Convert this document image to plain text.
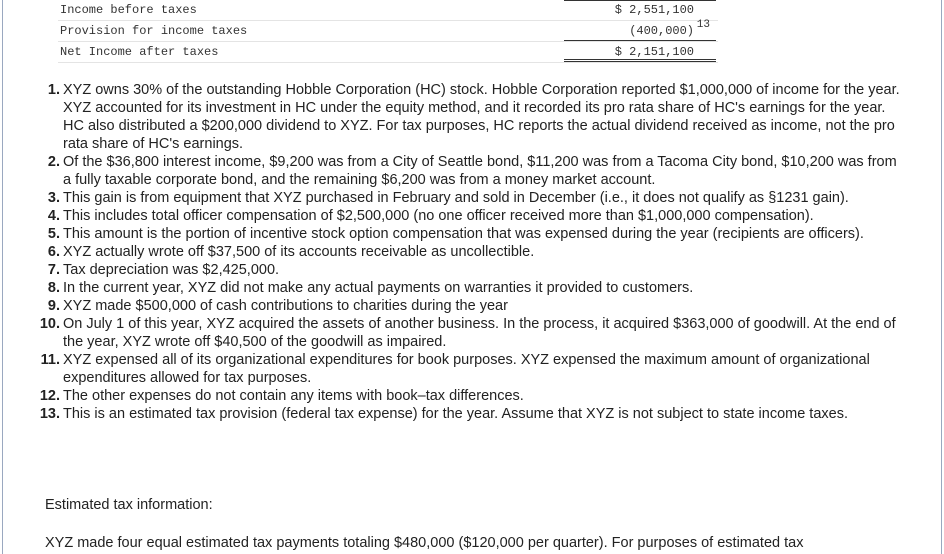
Income before taxes	$ 2,551,100
Provision for income taxes	(400,000) 13
Net Income after taxes	$ 2,151,100
1. XYZ owns 30% of the outstanding Hobble Corporation (HC) stock. Hobble Corporation reported $1,000,000 of income for the year. XYZ accounted for its investment in HC under the equity method, and it recorded its pro rata share of HC's earnings for the year. HC also distributed a $200,000 dividend to XYZ. For tax purposes, HC reports the actual dividend received as income, not the pro rata share of HC's earnings.
2. Of the $36,800 interest income, $9,200 was from a City of Seattle bond, $11,200 was from a Tacoma City bond, $10,200 was from a fully taxable corporate bond, and the remaining $6,200 was from a money market account.
3. This gain is from equipment that XYZ purchased in February and sold in December (i.e., it does not qualify as §1231 gain).
4. This includes total officer compensation of $2,500,000 (no one officer received more than $1,000,000 compensation).
5. This amount is the portion of incentive stock option compensation that was expensed during the year (recipients are officers).
6. XYZ actually wrote off $37,500 of its accounts receivable as uncollectible.
7. Tax depreciation was $2,425,000.
8. In the current year, XYZ did not make any actual payments on warranties it provided to customers.
9. XYZ made $500,000 of cash contributions to charities during the year
10. On July 1 of this year, XYZ acquired the assets of another business. In the process, it acquired $363,000 of goodwill. At the end of the year, XYZ wrote off $40,500 of the goodwill as impaired.
11. XYZ expensed all of its organizational expenditures for book purposes. XYZ expensed the maximum amount of organizational expenditures allowed for tax purposes.
12. The other expenses do not contain any items with book–tax differences.
13. This is an estimated tax provision (federal tax expense) for the year. Assume that XYZ is not subject to state income taxes.

Estimated tax information:

XYZ made four equal estimated tax payments totaling $480,000 ($120,000 per quarter). For purposes of estimated tax
